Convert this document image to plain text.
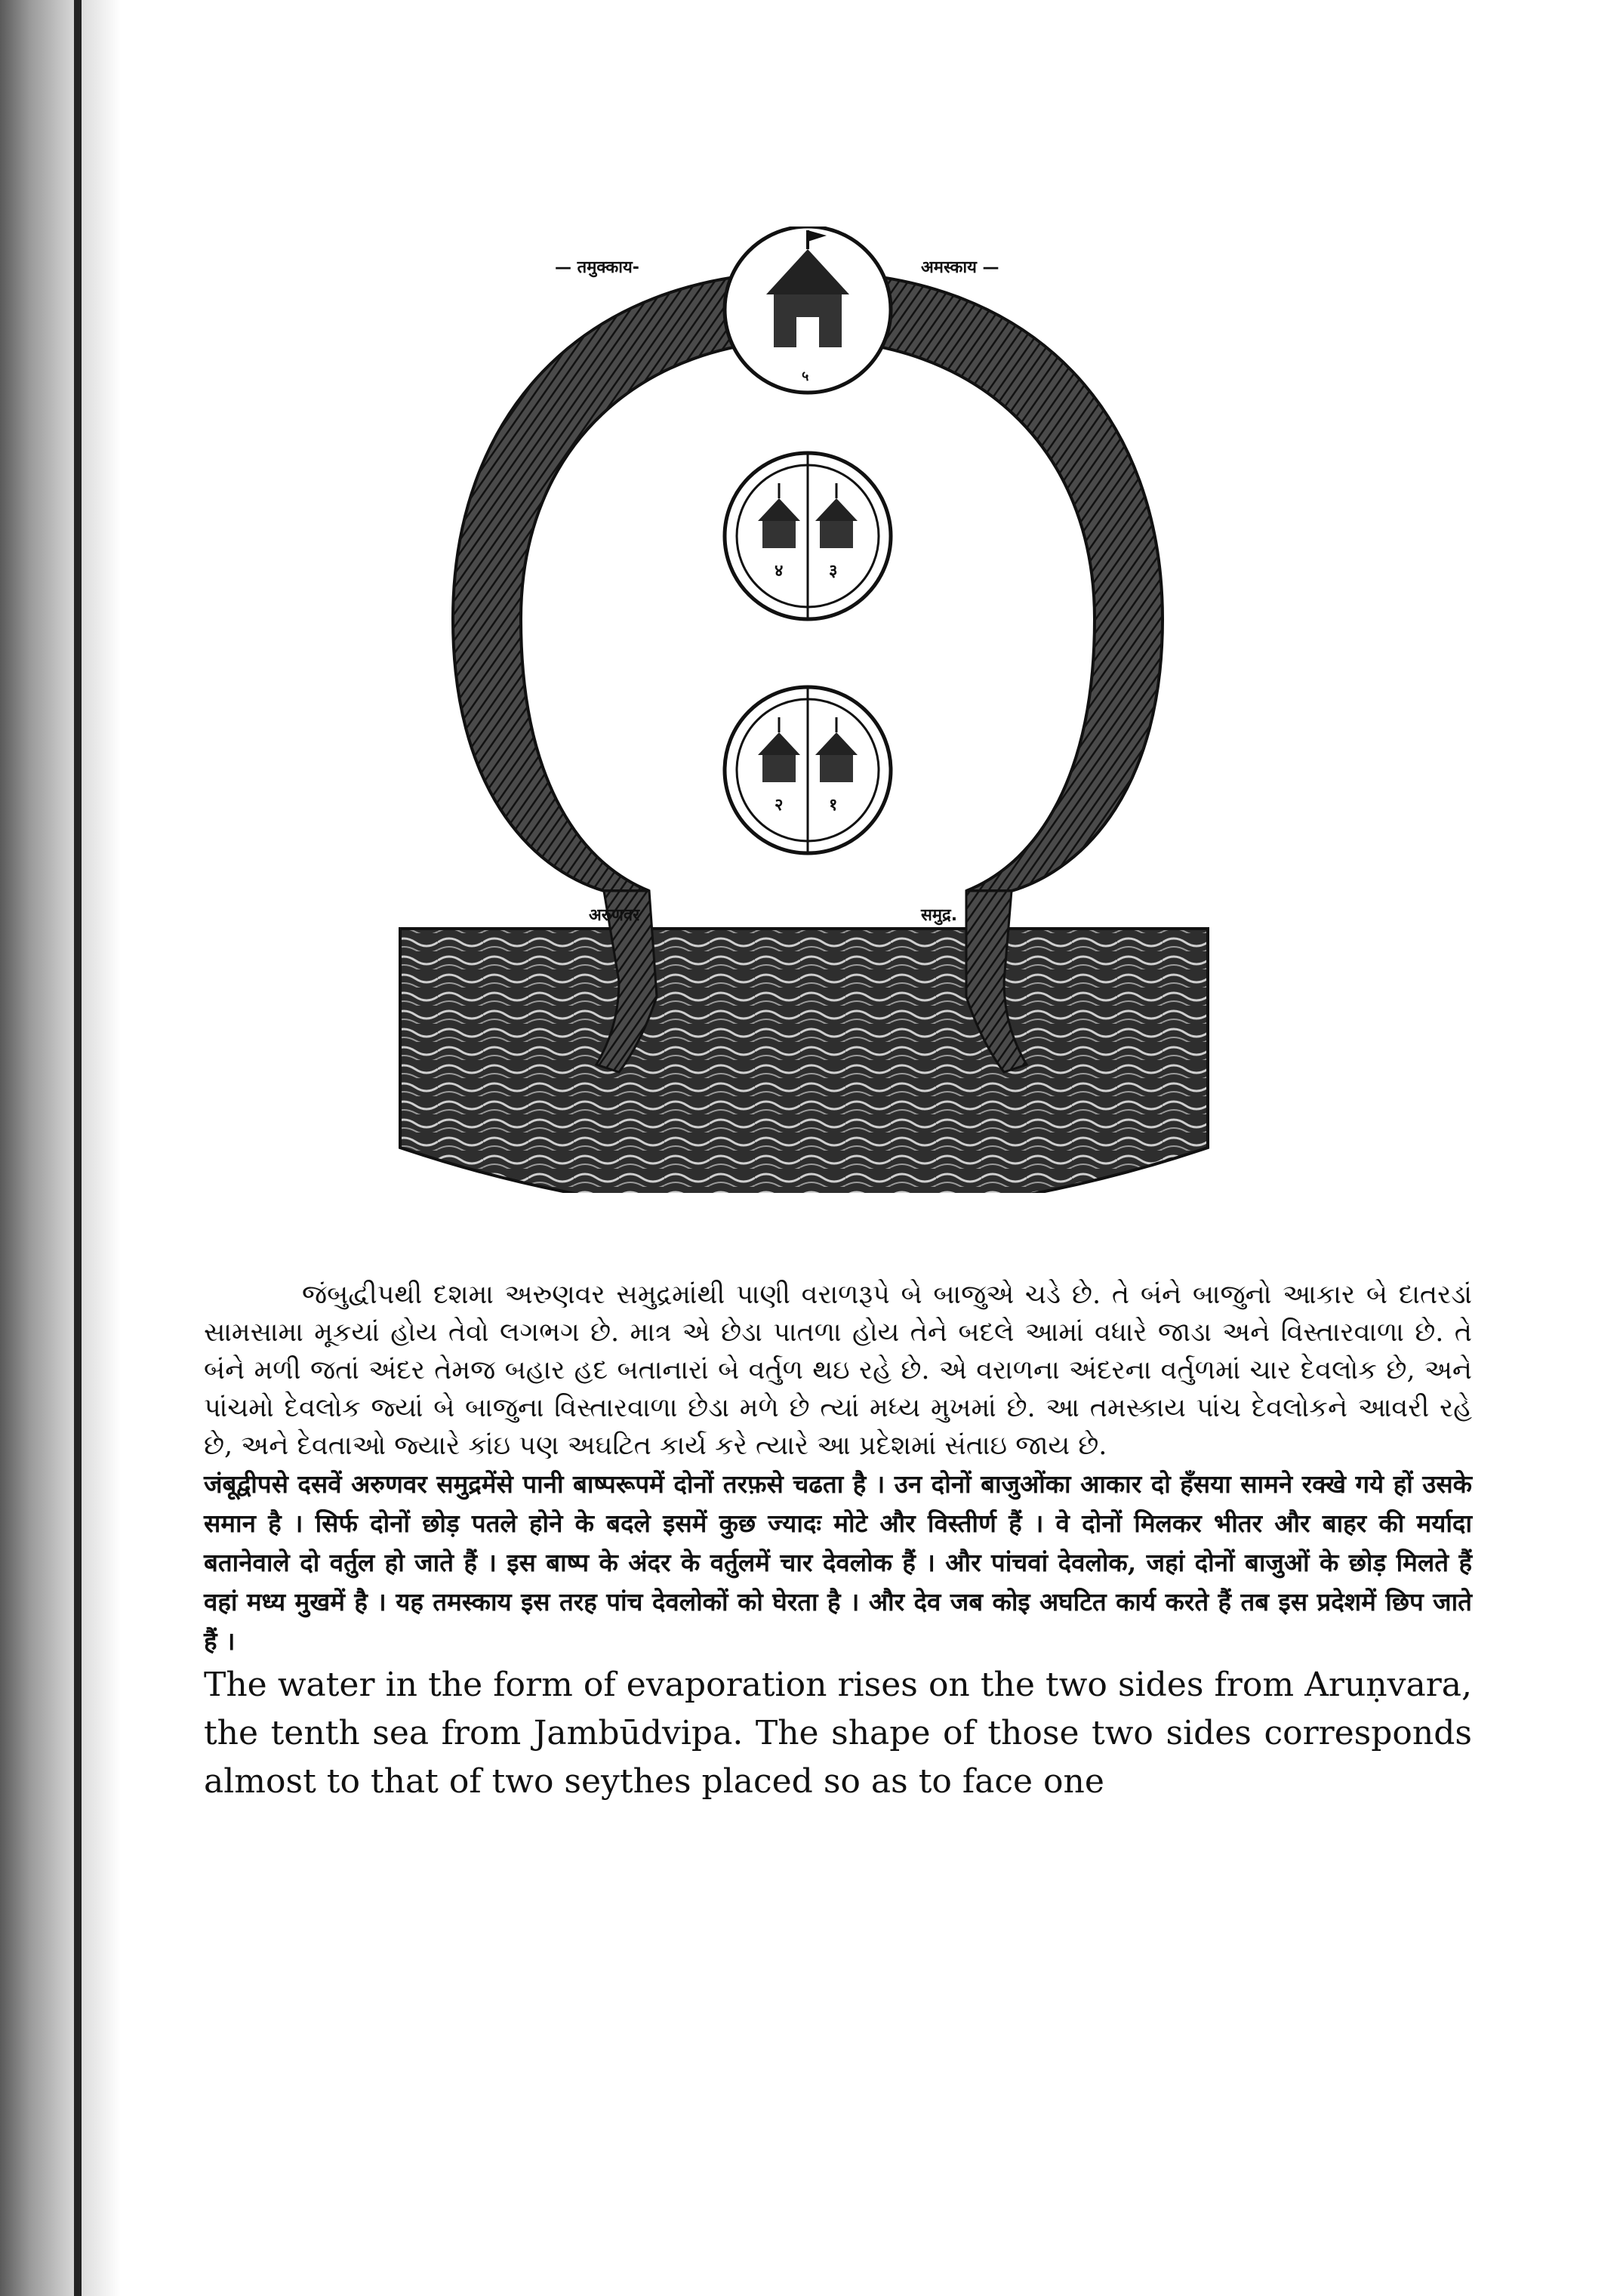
— तमुक्काय-	अमस्काय —
५
४	३
२	१
अरुणवर	समुद्र.
જંબુદ્વીપથી દશમા અરુણવર સમુદ્રમાંથી પાણી વરાળરૂપે બે બાજુએ ચડે છે. તે બંને બાજુનો આકાર બે દાતરડાં સામસામા મૂકયાં હોય તેવો લગભગ છે. માત્ર એ છેડા પાતળા હોય તેને બદલે આમાં વધારે જાડા અને વિસ્તારવાળા છે. તે બંને મળી જતાં અંદર તેમજ બહાર હદ બતાનારાં બે વર્તુળ થઇ રહે છે. એ વરાળના અંદરના વર્તુળમાં ચાર દેવલોક છે, અને પાંચમો દેવલોક જ્યાં બે બાજુના વિસ્તારવાળા છેડા મળે છે ત્યાં મધ્ય મુખમાં છે. આ તમસ્કાય પાંચ દેવલોકને આવરી રહે છે, અને દેવતાઓ જ્યારે કાંઇ પણ અઘટિત કાર્ય કરે ત્યારે આ પ્રદેશમાં સંતાઇ જાય છે.
जंबूद्वीपसे दसवें अरुणवर समुद्रमेंसे पानी बाष्परूपमें दोनों तरफ़से चढता है । उन दोनों बाजुओंका आकार दो हँसया सामने रक्खे गये हों उसके समान है । सिर्फ दोनों छोड़ पतले होने के बदले इसमें कुछ ज्यादः मोटे और विस्तीर्ण हैं । वे दोनों मिलकर भीतर और बाहर की मर्यादा बतानेवाले दो वर्तुल हो जाते हैं । इस बाष्प के अंदर के वर्तुलमें चार देवलोक हैं । और पांचवां देवलोक, जहां दोनों बाजुओं के छोड़ मिलते हैं वहां मध्य मुखमें है । यह तमस्काय इस तरह पांच देवलोकों को घेरता है । और देव जब कोइ अघटित कार्य करते हैं तब इस प्रदेशमें छिप जाते हैं ।
The water in the form of evaporation rises on the two sides from Aruṇvara, the tenth sea from Jambūdvipa. The shape of those two sides corresponds almost to that of two seythes placed so as to face one
